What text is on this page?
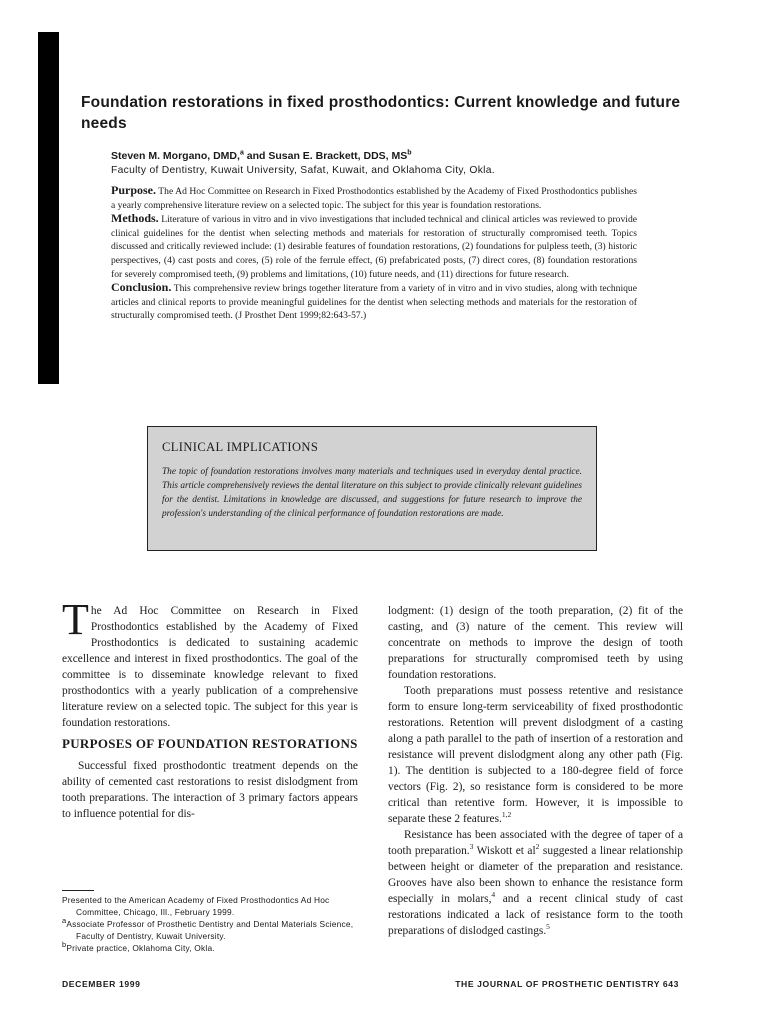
Foundation restorations in fixed prosthodontics: Current knowledge and future needs
Steven M. Morgano, DMD,$^a$ and Susan E. Brackett, DDS, $MS^b$
Faculty of Dentistry, Kuwait University, Safat, Kuwait, and Oklahoma City, Okla.

Purpose. The Ad Hoc Committee on Research in Fixed Prosthodontics established by the Academy of Fixed Prosthodontics publishes a yearly comprehensive literature review on a selected topic. The subject for this year is foundation restorations.

Methods. Literature of various in vitro and in vivo investigations that included technical and clinical articles was reviewed to provide clinical guidelines for the dentist when selecting methods and materials for restoration of structurally compromised teeth. Topics discussed and critically reviewed include: (1) desirable features of foundation restorations, (2) foundations for pulpless teeth, (3) historic perspectives, (4) cast posts and cores, (5) role of the ferrule effect, (6) prefabricated posts, (7) direct cores, (8) foundation restorations for severely compromised teeth, (9) problems and limitations, (10) future needs, and (11) directions for future research.

Conclusion. This comprehensive review brings together literature from a variety of in vitro and in vivo studies, along with technique articles and clinical reports to provide meaningful guidelines for the dentist when selecting methods and materials for the restoration of structurally compromised teeth. (J Prosthet Dent 1999;82:643-57.)

CLINICAL IMPLICATIONS
The topic of foundation restorations involves many materials and techniques used in everyday dental practice. This article comprehensively reviews the dental literature on this subject to provide clinically relevant guidelines for the dentist. Limitations in knowledge are discussed, and suggestions for future research to improve the profession's understanding of the clinical performance of foundation restorations are made.

The Ad Hoc Committee on Research in Fixed Prosthodontics established by the Academy of Fixed Prosthodontics is dedicated to sustaining academic excellence and interest in fixed prosthodontics. The goal of the committee is to disseminate knowledge relevant to fixed prosthodontics with a yearly publication of a comprehensive literature review on a selected topic. The subject for this year is foundation restorations.

PURPOSES OF FOUNDATION RESTORATIONS

Successful fixed prosthodontic treatment depends on the ability of cemented cast restorations to resist dislodgment from tooth preparations. The interaction of 3 primary factors appears to influence potential for dis-

lodgment: (1) design of the tooth preparation, (2) fit of the casting, and (3) nature of the cement. This review will concentrate on methods to improve the design of tooth preparations for structurally compromised teeth by using foundation restorations.

Tooth preparations must possess retentive and resistance form to ensure long-term serviceability of fixed prosthodontic restorations. Retention will prevent dislodgment of a casting along a path parallel to the path of insertion of a restoration and resistance will prevent dislodgment along any other path (Fig. 1). The dentition is subjected to a 180-degree field of force vectors (Fig. 2), so resistance form is considered to be more critical than retentive form. However, it is impossible to separate these 2 features.$^{1,2}$

Resistance has been associated with the degree of taper of a tooth preparation.$^3$ Wiskott et $al^2$ suggested a linear relationship between height or diameter of the preparation and resistance. Grooves have also been shown to enhance the resistance form especially in molars,$^4$ and a recent clinical study of cast restorations indicated a lack of resistance form to the tooth preparations of dislodged castings.$^5$

Presented to the American Academy of Fixed Prosthodontics Ad Hoc Committee, Chicago, Ill., February 1999.

$^a$Associate Professor of Prosthetic Dentistry and Dental Materials Science, Faculty of Dentistry, Kuwait University.

$^b$Private practice, Oklahoma City, Okla.

DECEMBER 1999	THE JOURNAL OF PROSTHETIC DENTISTRY 643
